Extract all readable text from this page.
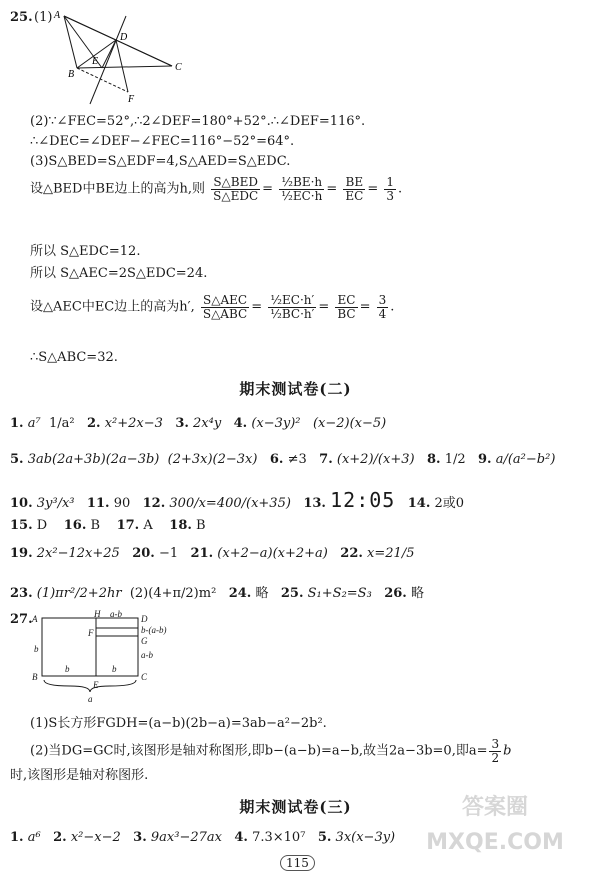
25. (1) A
B
C
D
E
F
(2)∵∠FEC=52°,∴2∠DEF=180°+52°.∴∠DEF=116°.
∴∠DEC=∠DEF−∠FEC=116°−52°=64°.
(3)S△BED=S△EDF=4,S△AED=S△EDC.
设△BED中BE边上的高为h,则 $\frac{\text{S△BED}}{\text{S△EDC}} = \frac{\text{½BE·h}}{\text{½EC·h}} = \frac{BE}{EC} = \frac{1}{3}$ .
所以 S△EDC=12.
所以 S△AEC=2S△EDC=24.
设△AEC中EC边上的高为h′, $\frac{\text{S△AEC}}{\text{S△ABC}} = \frac{\text{½EC·h′}}{\text{½BC·h′}} = \frac{EC}{BC} = \frac{3}{4}$ .
∴S△ABC=32.
期末测试卷(二)
1. a⁷ 1/a² 2. x²+2x−3 3. 2x⁴y 4. (x−3y)² (x−2)(x−5)
5. 3ab(2a+3b)(2a−3b) (2+3x)(2−3x) 6. ≠3 7. (x+2)/(x+3) 8. 1/2 9. a/(a²−b²)
10. 3y³/x³ 11. 90 12. 300/x=400/(x+35) 13. 12:05 14. 2或0
15. D 16. B 17. A 18. B
19. 2x²−12x+25 20. −1 21. (x+2−a)(x+2+a) 22. x=21/5
23. (1)πr²/2+2hr (2)(4+π/2)m² 24. 略 25. S₁+S₂=S₃ 26. 略
27. A
B	C
D
E
F
G
H a-b
b-(a-b)
a-b
b
b	b
a
(1)S长方形FGDH=(a−b)(2b−a)=3ab−a²−2b².
(2)当DG=GC时,该图形是轴对称图形,即b−(a−b)=a−b,故当2a−3b=0,即$a= \frac{3}{2}$ b
时,该图形是轴对称图形.
期末测试卷(三)
1. a⁶ 2. x²−x−2 3. 9ax³−27ax 4. 7.3×10⁷ 5. 3x(x−3y)
115
答案圈 MXQE.COM
